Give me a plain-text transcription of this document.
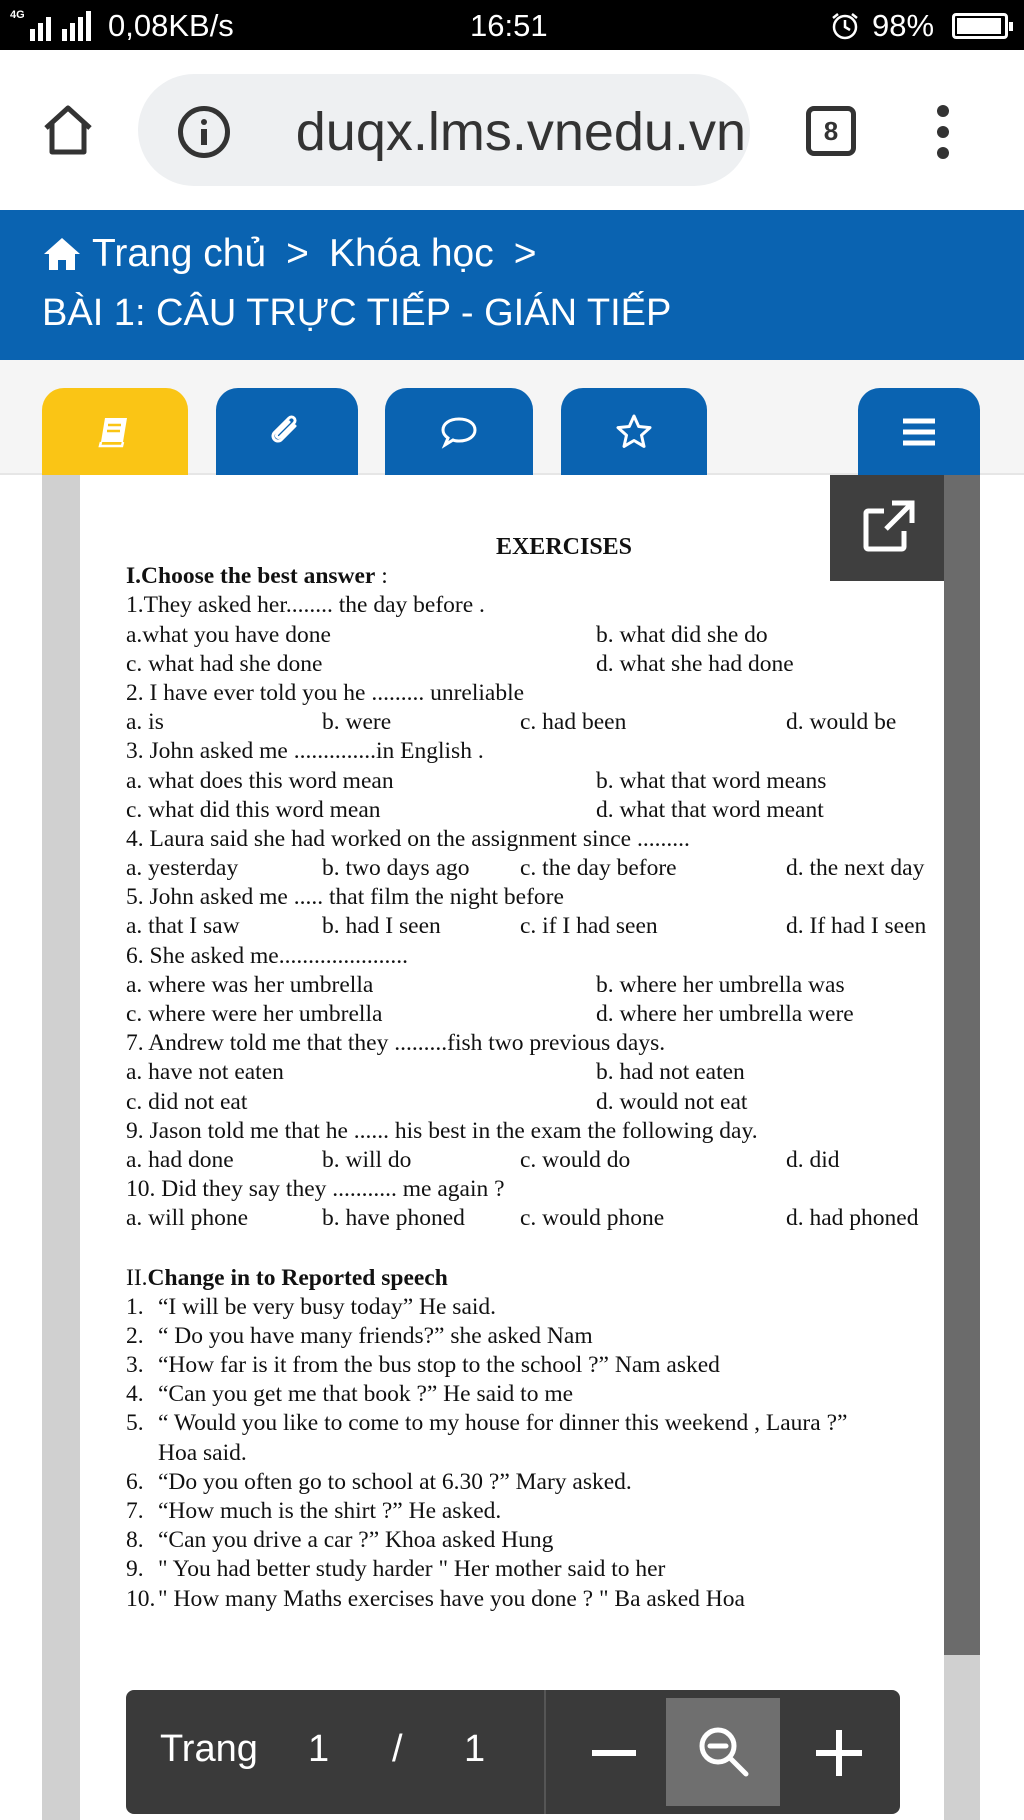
4G	0,08KB/s	16:51	98%
duqx.lms.vnedu.vn	8
Trang chủ > Khóa học >
BÀI 1: CÂU TRỰC TIẾP - GIÁN TIẾP
EXERCISES
I.Choose the best answer :
1.They asked her........ the day before .
a.what you have done	b. what did she do
c. what had she done	d. what she had done
2. I have ever told you he ......... unreliable
a. is	b. were	c. had been	d. would be
3. John asked me ..............in English .
a. what does this word mean	b. what that word means
c. what did this word mean	d. what that word meant
4. Laura said she had worked on the assignment since .........
a. yesterday	b. two days ago c. the day before	d. the next day
5. John asked me ..... that film the night before
a. that I saw	b. had I seen	c. if I had seen	d. If had I seen
6. She asked me......................
a. where was her umbrella	b. where her umbrella was
c. where were her umbrella	d. where her umbrella were
7. Andrew told me that they .........fish two previous days.
a. have not eaten	b. had not eaten
c. did not eat	d. would not eat
9. Jason told me that he ...... his best in the exam the following day.
a. had done	b. will do	c. would do	d. did
10. Did they say they ........... me again ?
a. will phone	b. have phoned c. would phone	d. had phoned
II.Change in to Reported speech
1. “I will be very busy today” He said.
2. “ Do you have many friends?” she asked Nam
3. “How far is it from the bus stop to the school ?” Nam asked
4. “Can you get me that book ?” He said to me
5. “ Would you like to come to my house for dinner this weekend , Laura ?”
Hoa said.
6. “Do you often go to school at 6.30 ?” Mary asked.
7. “How much is the shirt ?” He asked.
8. “Can you drive a car ?” Khoa asked Hung
9. " You had better study harder " Her mother said to her
10. " How many Maths exercises have you done ? " Ba asked Hoa
Trang 1 / 1
